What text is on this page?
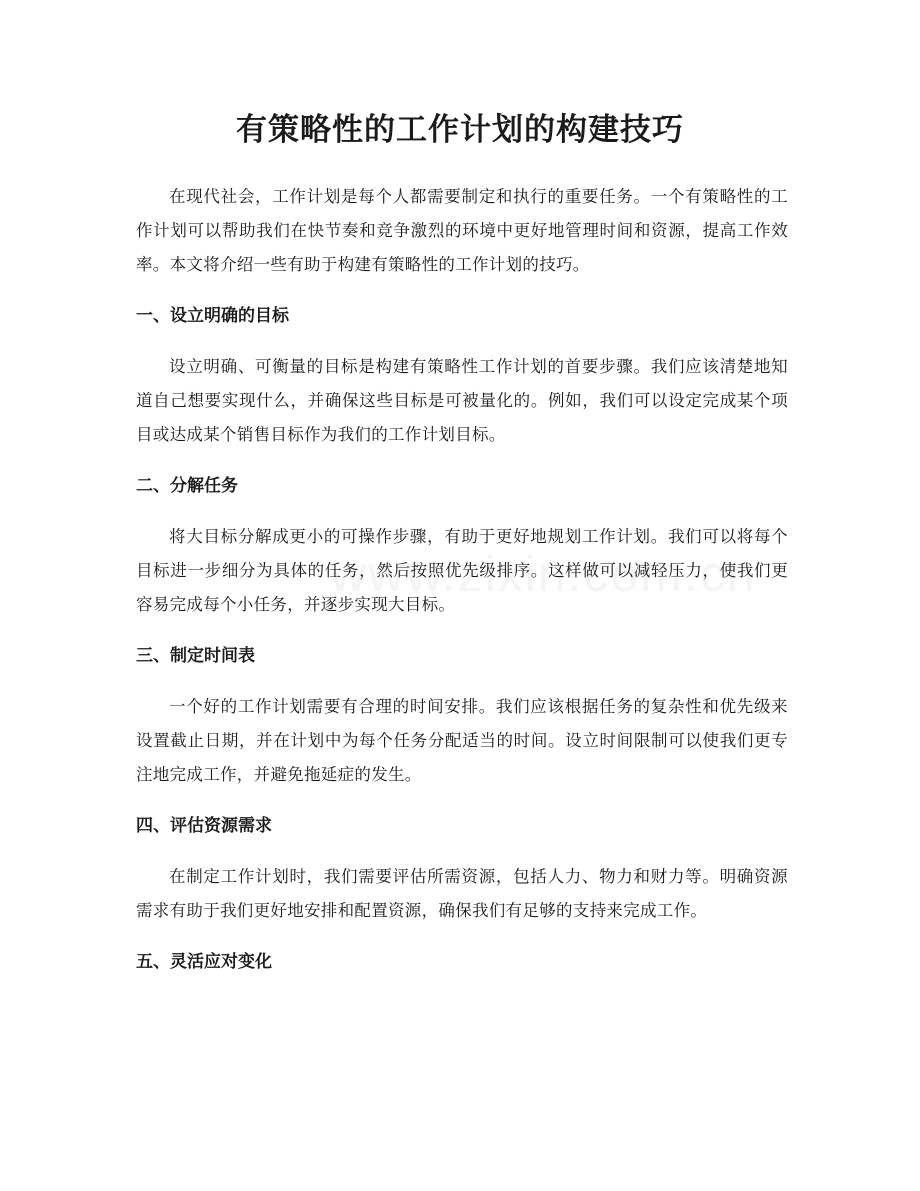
有策略性的工作计划的构建技巧

在现代社会，工作计划是每个人都需要制定和执行的重要任务。一个有策略性的工作计划可以帮助我们在快节奏和竞争激烈的环境中更好地管理时间和资源，提高工作效率。本文将介绍一些有助于构建有策略性的工作计划的技巧。

一、设立明确的目标

设立明确、可衡量的目标是构建有策略性工作计划的首要步骤。我们应该清楚地知道自己想要实现什么，并确保这些目标是可被量化的。例如，我们可以设定完成某个项目或达成某个销售目标作为我们的工作计划目标。

二、分解任务

将大目标分解成更小的可操作步骤，有助于更好地规划工作计划。我们可以将每个目标进一步细分为具体的任务，然后按照优先级排序。这样做可以减轻压力，使我们更容易完成每个小任务，并逐步实现大目标。

三、制定时间表

一个好的工作计划需要有合理的时间安排。我们应该根据任务的复杂性和优先级来设置截止日期，并在计划中为每个任务分配适当的时间。设立时间限制可以使我们更专注地完成工作，并避免拖延症的发生。

四、评估资源需求

在制定工作计划时，我们需要评估所需资源，包括人力、物力和财力等。明确资源需求有助于我们更好地安排和配置资源，确保我们有足够的支持来完成工作。

五、灵活应对变化
